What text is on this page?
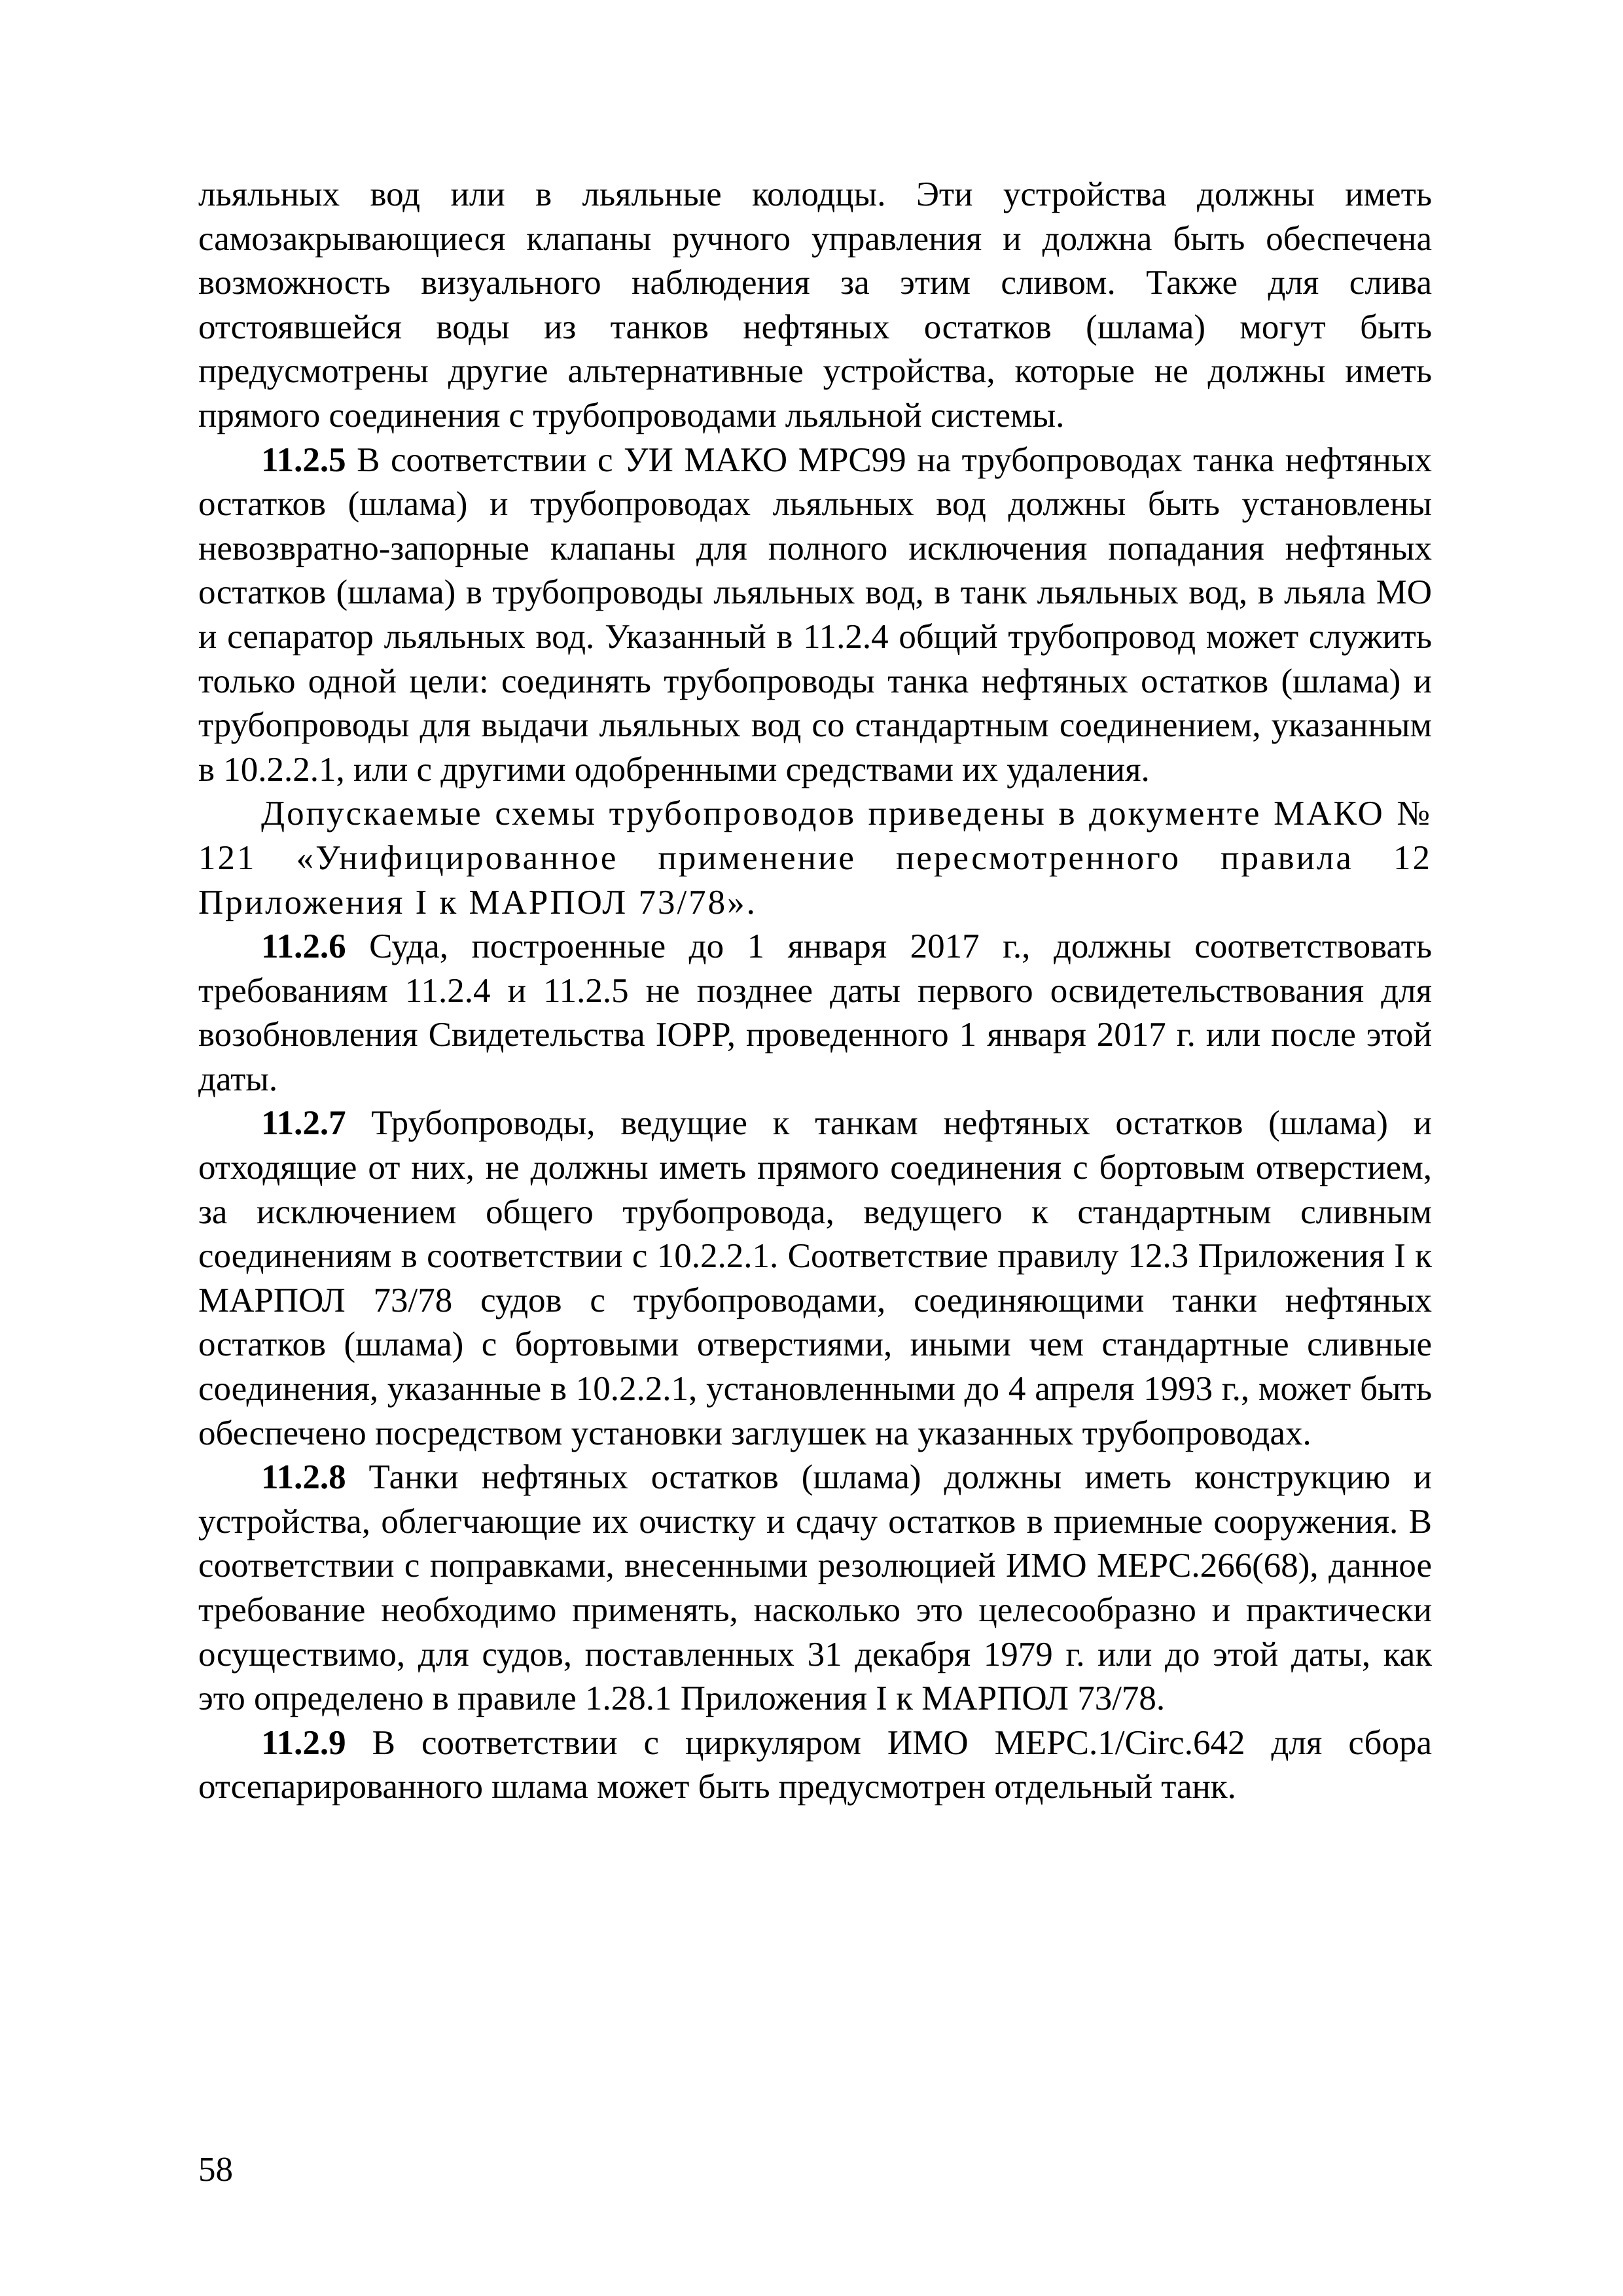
льяльных вод или в льяльные колодцы. Эти устройства должны иметь самозакрывающиеся клапаны ручного управления и должна быть обеспечена возможность визуального наблюдения за этим сливом. Также для слива отстоявшейся воды из танков нефтяных остатков (шлама) могут быть предусмотрены другие альтернативные устройства, которые не должны иметь прямого соединения с трубопроводами льяльной системы.

11.2.5 В соответствии с УИ МАКО MPC99 на трубопроводах танка нефтяных остатков (шлама) и трубопроводах льяльных вод должны быть установлены невозвратно-запорные клапаны для полного исключения попадания нефтяных остатков (шлама) в трубопроводы льяльных вод, в танк льяльных вод, в льяла МО и сепаратор льяльных вод. Указанный в 11.2.4 общий трубопровод может служить только одной цели: соединять трубопроводы танка нефтяных остатков (шлама) и трубопроводы для выдачи льяльных вод со стандартным соединением, указанным в 10.2.2.1, или с другими одобренными средствами их удаления.

Допускаемые схемы трубопроводов приведены в документе МАКО № 121 «Унифицированное применение пересмотренного правила 12 Приложения I к МАРПОЛ 73/78».

11.2.6 Суда, построенные до 1 января 2017 г., должны соответствовать требованиям 11.2.4 и 11.2.5 не позднее даты первого освидетельствования для возобновления Свидетельства IOPP, проведенного 1 января 2017 г. или после этой даты.

11.2.7 Трубопроводы, ведущие к танкам нефтяных остатков (шлама) и отходящие от них, не должны иметь прямого соединения с бортовым отверстием, за исключением общего трубопровода, ведущего к стандартным сливным соединениям в соответствии с 10.2.2.1. Соответствие правилу 12.3 Приложения I к МАРПОЛ 73/78 судов с трубопроводами, соединяющими танки нефтяных остатков (шлама) с бортовыми отверстиями, иными чем стандартные сливные соединения, указанные в 10.2.2.1, установленными до 4 апреля 1993 г., может быть обеспечено посредством установки заглушек на указанных трубопроводах.

11.2.8 Танки нефтяных остатков (шлама) должны иметь конструкцию и устройства, облегчающие их очистку и сдачу остатков в приемные сооружения. В соответствии с поправками, внесенными резолюцией ИМО MEPC.266(68), данное требование необходимо применять, насколько это целесообразно и практически осуществимо, для судов, поставленных 31 декабря 1979 г. или до этой даты, как это определено в правиле 1.28.1 Приложения I к МАРПОЛ 73/78.

11.2.9 В соответствии с циркуляром ИМО MEPC.1/Circ.642 для сбора отсепарированного шлама может быть предусмотрен отдельный танк.

58
